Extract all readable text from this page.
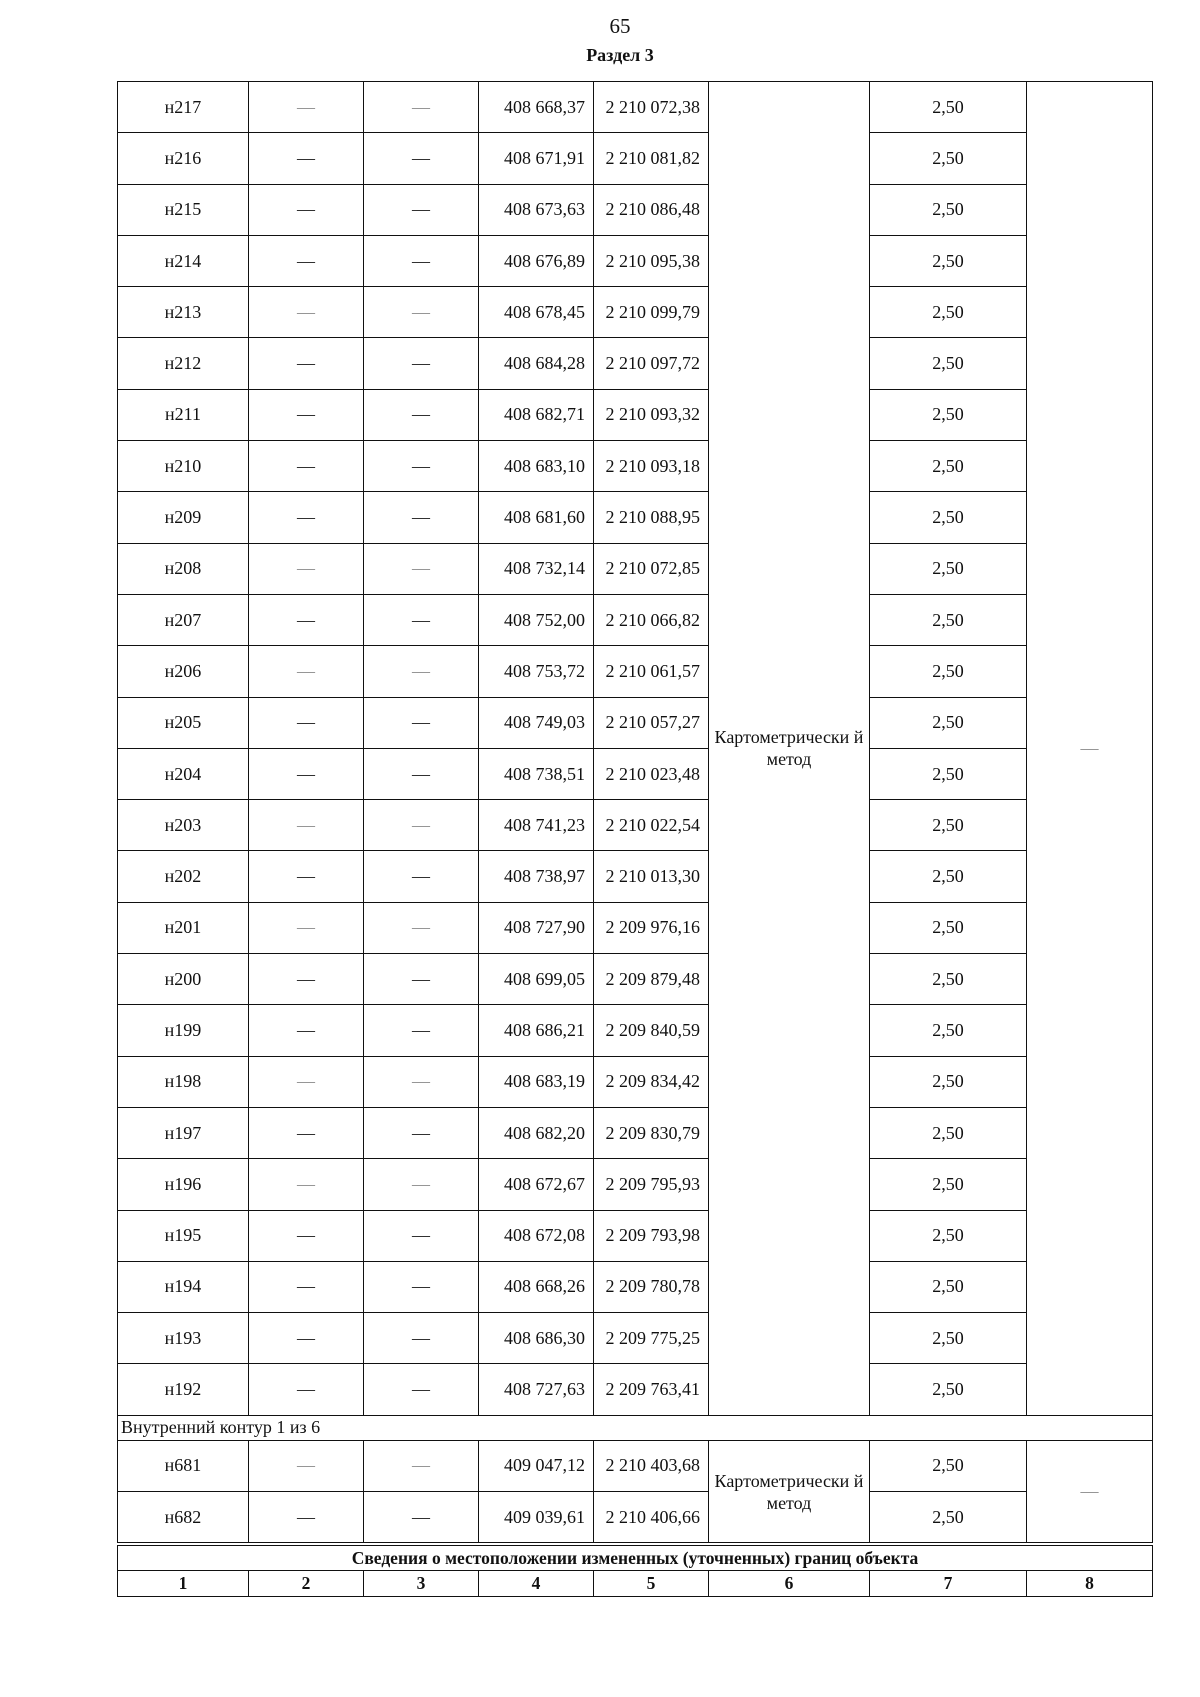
65
Раздел 3
н217	—	—	408 668,37	2 210 072,38	Картометрически й метод	2,50	—
н216	—	—	408 671,91	2 210 081,82		2,50	
н215	—	—	408 673,63	2 210 086,48		2,50	
н214	—	—	408 676,89	2 210 095,38		2,50	
н213	—	—	408 678,45	2 210 099,79		2,50	
н212	—	—	408 684,28	2 210 097,72		2,50	
н211	—	—	408 682,71	2 210 093,32		2,50	
н210	—	—	408 683,10	2 210 093,18		2,50	
н209	—	—	408 681,60	2 210 088,95		2,50	
н208	—	—	408 732,14	2 210 072,85		2,50	
н207	—	—	408 752,00	2 210 066,82		2,50	
н206	—	—	408 753,72	2 210 061,57		2,50	
н205	—	—	408 749,03	2 210 057,27		2,50	
н204	—	—	408 738,51	2 210 023,48		2,50	
н203	—	—	408 741,23	2 210 022,54		2,50	
н202	—	—	408 738,97	2 210 013,30		2,50	
н201	—	—	408 727,90	2 209 976,16		2,50	
н200	—	—	408 699,05	2 209 879,48		2,50	
н199	—	—	408 686,21	2 209 840,59		2,50	
н198	—	—	408 683,19	2 209 834,42		2,50	
н197	—	—	408 682,20	2 209 830,79		2,50	
н196	—	—	408 672,67	2 209 795,93		2,50	
н195	—	—	408 672,08	2 209 793,98		2,50	
н194	—	—	408 668,26	2 209 780,78		2,50	
н193	—	—	408 686,30	2 209 775,25		2,50	
н192	—	—	408 727,63	2 209 763,41		2,50	
Внутренний контур 1 из 6							
н681	—	—	409 047,12	2 210 403,68	Картометрически й метод	2,50	—
н682	—	—	409 039,61	2 210 406,66		2,50	
Сведения о местоположении измененных (уточненных) границ объекта							
1	2	3	4	5	6	7	8
